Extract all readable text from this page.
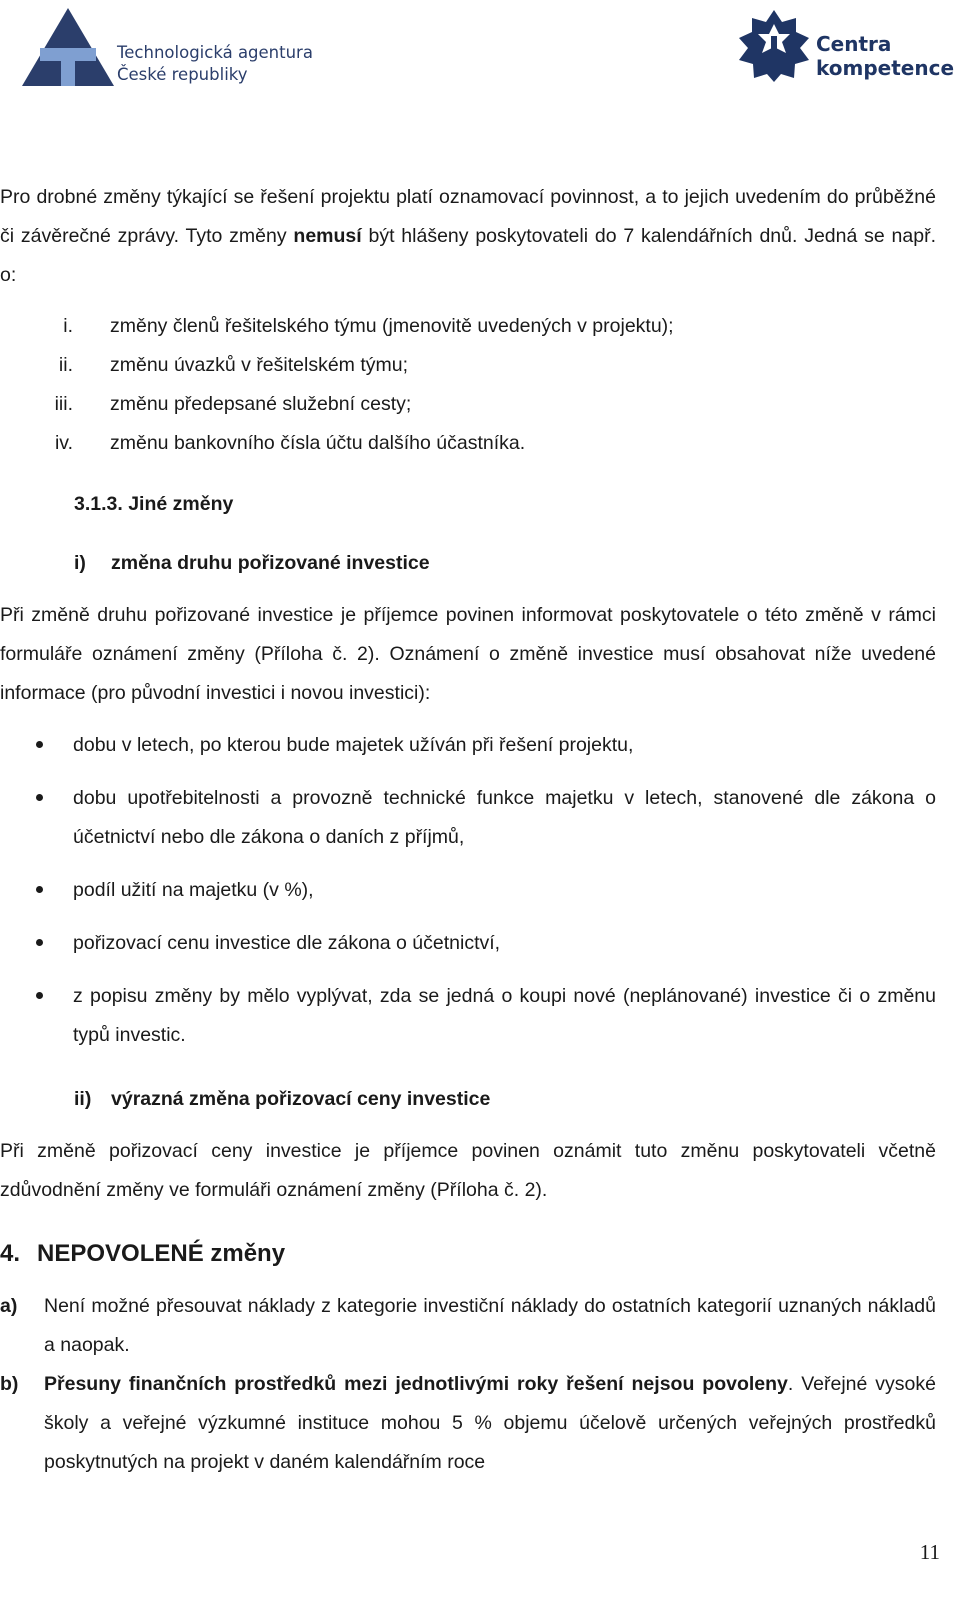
Technologická agentura
České republiky
Centra
kompetence

Pro drobné změny týkající se řešení projektu platí oznamovací povinnost, a to jejich uvedením do průběžné či závěrečné zprávy. Tyto změny nemusí být hlášeny poskytovateli do 7 kalendářních dnů. Jedná se např. o:

i. změny členů řešitelského týmu (jmenovitě uvedených v projektu);
ii. změnu úvazků v řešitelském týmu;
iii. změnu předepsané služební cesty;
iv. změnu bankovního čísla účtu dalšího účastníka.
3.1.3. Jiné změny
i) změna druhu pořizované investice

Při změně druhu pořizované investice je příjemce povinen informovat poskytovatele o této změně v rámci formuláře oznámení změny (Příloha č. 2). Oznámení o změně investice musí obsahovat níže uvedené informace (pro původní investici i novou investici):

dobu v letech, po kterou bude majetek užíván při řešení projektu,
dobu upotřebitelnosti a provozně technické funkce majetku v letech, stanovené dle zákona o účetnictví nebo dle zákona o daních z příjmů,
podíl užití na majetku (v %),
pořizovací cenu investice dle zákona o účetnictví,
z popisu změny by mělo vyplývat, zda se jedná o koupi nové (neplánované) investice či o změnu typů investic.
ii) výrazná změna pořizovací ceny investice

Při změně pořizovací ceny investice je příjemce povinen oznámit tuto změnu poskytovateli včetně zdůvodnění změny ve formuláři oznámení změny (Příloha č. 2).

4. NEPOVOLENÉ změny
a) Není možné přesouvat náklady z kategorie investiční náklady do ostatních kategorií uznaných nákladů a naopak.
b) Přesuny finančních prostředků mezi jednotlivými roky řešení nejsou povoleny. Veřejné vysoké školy a veřejné výzkumné instituce mohou 5 % objemu účelově určených veřejných prostředků poskytnutých na projekt v daném kalendářním roce
11
